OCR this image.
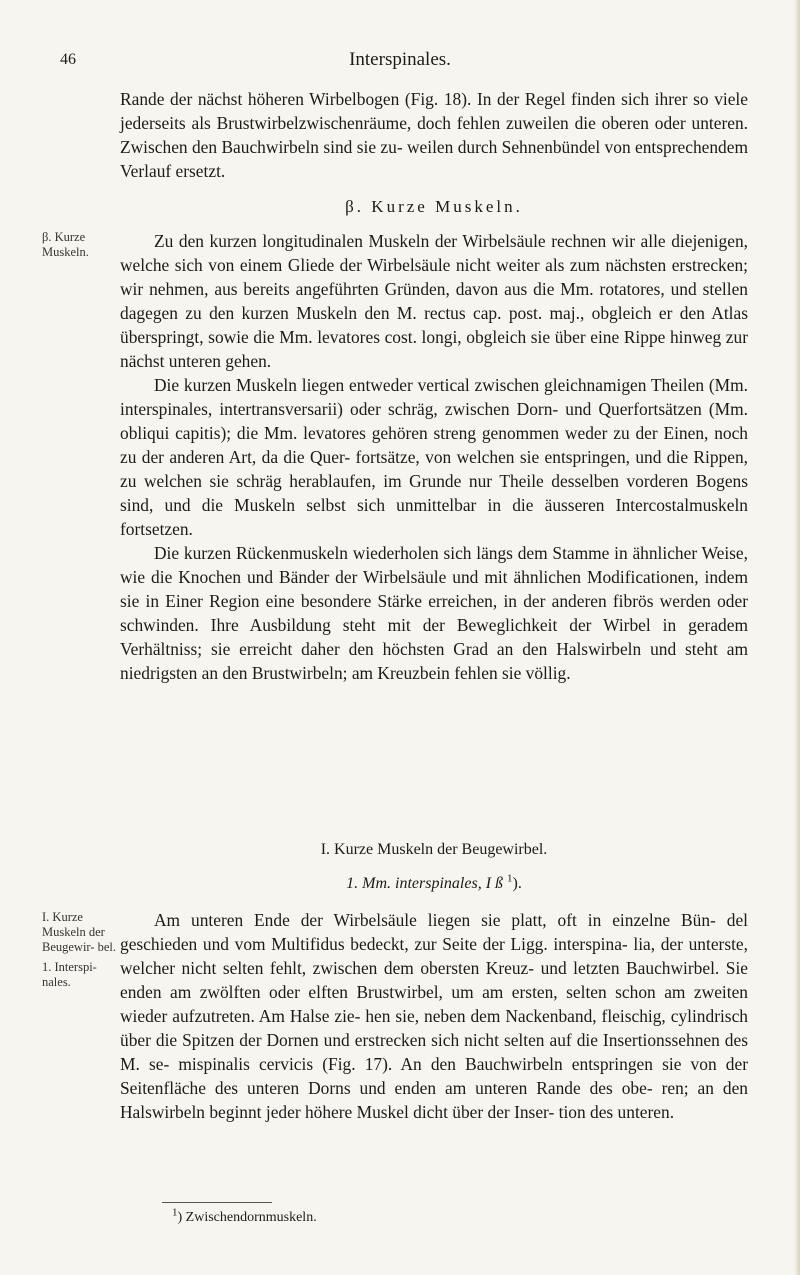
46	Interspinales.

Rande der nächst höheren Wirbelbogen (Fig. 18). In der Regel finden sich ihrer so viele jederseits als Brustwirbelzwischenräume, doch fehlen zuweilen die oberen oder unteren. Zwischen den Bauchwirbeln sind sie zu- weilen durch Sehnenbündel von entsprechendem Verlauf ersetzt.

β. Kurze Muskeln.
β. Kurze Muskeln.

Zu den kurzen longitudinalen Muskeln der Wirbelsäule rechnen wir alle diejenigen, welche sich von einem Gliede der Wirbelsäule nicht weiter als zum nächsten erstrecken; wir nehmen, aus bereits angeführten Gründen, davon aus die Mm. rotatores, und stellen dagegen zu den kurzen Muskeln den M. rectus cap. post. maj., obgleich er den Atlas überspringt, sowie die Mm. levatores cost. longi, obgleich sie über eine Rippe hinweg zur nächst unteren gehen.

Die kurzen Muskeln liegen entweder vertical zwischen gleichnamigen Theilen (Mm. interspinales, intertransversarii) oder schräg, zwischen Dorn- und Querfortsätzen (Mm. obliqui capitis); die Mm. levatores gehören streng genommen weder zu der Einen, noch zu der anderen Art, da die Quer- fortsätze, von welchen sie entspringen, und die Rippen, zu welchen sie schräg herablaufen, im Grunde nur Theile desselben vorderen Bogens sind, und die Muskeln selbst sich unmittelbar in die äusseren Intercostalmuskeln fortsetzen.

Die kurzen Rückenmuskeln wiederholen sich längs dem Stamme in ähnlicher Weise, wie die Knochen und Bänder der Wirbelsäule und mit ähnlichen Modificationen, indem sie in Einer Region eine besondere Stärke erreichen, in der anderen fibrös werden oder schwinden. Ihre Ausbildung steht mit der Beweglichkeit der Wirbel in geradem Verhältniss; sie erreicht daher den höchsten Grad an den Halswirbeln und steht am niedrigsten an den Brustwirbeln; am Kreuzbein fehlen sie völlig.

I. Kurze Muskeln der Beugewirbel.
1. Mm. interspinales, I ß $^1$).
I. Kurze Muskeln der Beugewir- bel.
1. Interspi- nales.

Am unteren Ende der Wirbelsäule liegen sie platt, oft in einzelne Bün- del geschieden und vom Multifidus bedeckt, zur Seite der Ligg. interspina- lia, der unterste, welcher nicht selten fehlt, zwischen dem obersten Kreuz- und letzten Bauchwirbel. Sie enden am zwölften oder elften Brustwirbel, um am ersten, selten schon am zweiten wieder aufzutreten. Am Halse zie- hen sie, neben dem Nackenband, fleischig, cylindrisch über die Spitzen der Dornen und erstrecken sich nicht selten auf die Insertionssehnen des M. se- mispinalis cervicis (Fig. 17). An den Bauchwirbeln entspringen sie von der Seitenfläche des unteren Dorns und enden am unteren Rande des obe- ren; an den Halswirbeln beginnt jeder höhere Muskel dicht über der Inser- tion des unteren.

$^1$) Zwischendornmuskeln.
